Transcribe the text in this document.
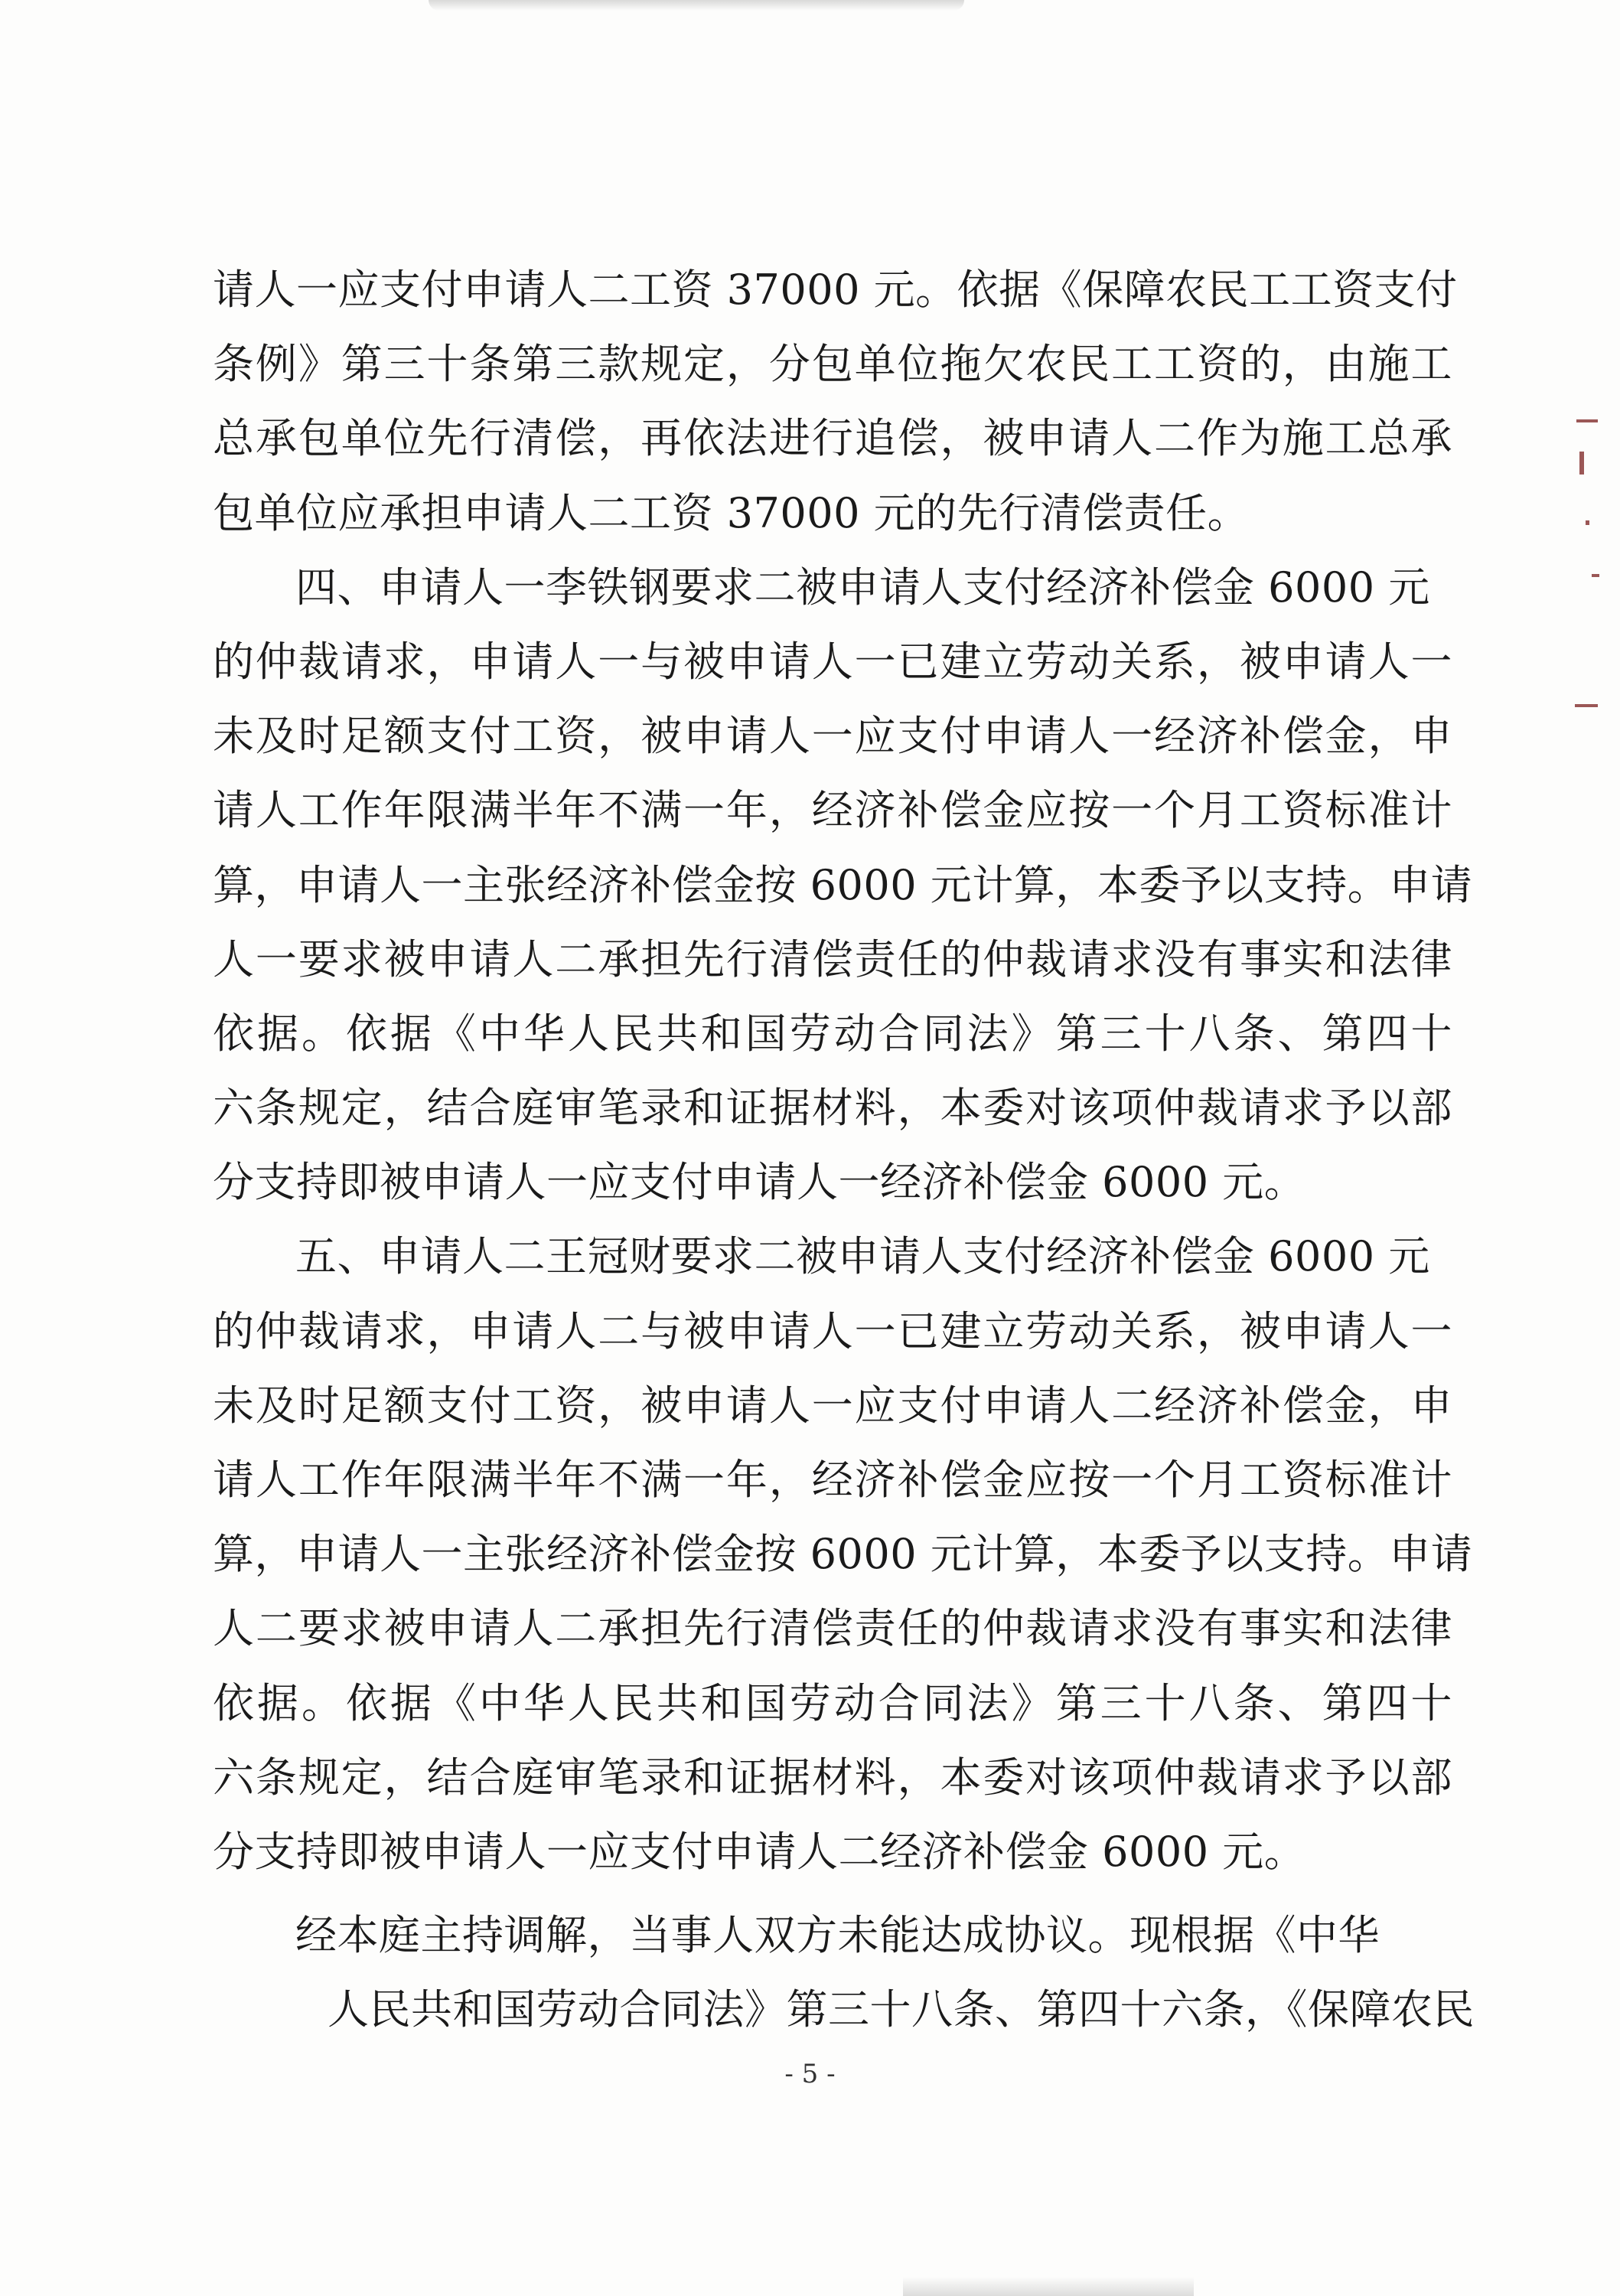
请人一应支付申请人二工资 37000 元。依据《保障农民工工资支付
条例》第三十条第三款规定，分包单位拖欠农民工工资的，由施工
总承包单位先行清偿，再依法进行追偿，被申请人二作为施工总承
包单位应承担申请人二工资 37000 元的先行清偿责任。
四、申请人一李铁钢要求二被申请人支付经济补偿金 6000 元
的仲裁请求，申请人一与被申请人一已建立劳动关系，被申请人一
未及时足额支付工资，被申请人一应支付申请人一经济补偿金，申
请人工作年限满半年不满一年，经济补偿金应按一个月工资标准计
算，申请人一主张经济补偿金按 6000 元计算，本委予以支持。申请
人一要求被申请人二承担先行清偿责任的仲裁请求没有事实和法律
依据。依据《中华人民共和国劳动合同法》第三十八条、第四十
六条规定，结合庭审笔录和证据材料，本委对该项仲裁请求予以部
分支持即被申请人一应支付申请人一经济补偿金 6000 元。
五、申请人二王冠财要求二被申请人支付经济补偿金 6000 元
的仲裁请求，申请人二与被申请人一已建立劳动关系，被申请人一
未及时足额支付工资，被申请人一应支付申请人二经济补偿金，申
请人工作年限满半年不满一年，经济补偿金应按一个月工资标准计
算，申请人一主张经济补偿金按 6000 元计算，本委予以支持。申请
人二要求被申请人二承担先行清偿责任的仲裁请求没有事实和法律
依据。依据《中华人民共和国劳动合同法》第三十八条、第四十
六条规定，结合庭审笔录和证据材料，本委对该项仲裁请求予以部
分支持即被申请人一应支付申请人二经济补偿金 6000 元。
经本庭主持调解，当事人双方未能达成协议。现根据《中华
人民共和国劳动合同法》第三十八条、第四十六条，《保障农民
- 5 -
